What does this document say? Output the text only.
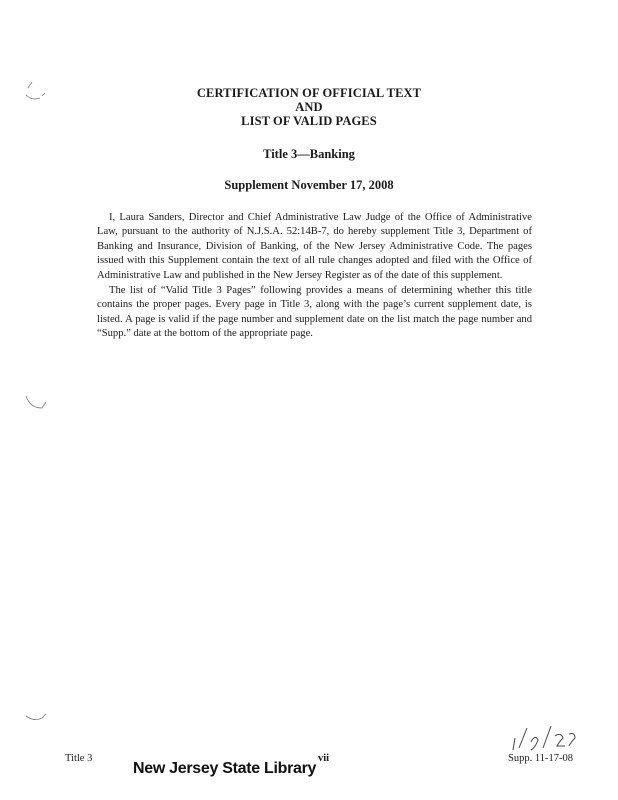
CERTIFICATION OF OFFICIAL TEXT
AND
LIST OF VALID PAGES
Title 3—Banking
Supplement November 17, 2008

I, Laura Sanders, Director and Chief Administrative Law Judge of the Office of Administrative Law, pursuant to the authority of N.J.S.A. 52:14B-7, do hereby supplement Title 3, Department of Banking and Insurance, Division of Banking, of the New Jersey Administrative Code. The pages issued with this Supplement contain the text of all rule changes adopted and filed with the Office of Administrative Law and published in the New Jersey Register as of the date of this supplement.

The list of “Valid Title 3 Pages” following provides a means of determining whether this title contains the proper pages. Every page in Title 3, along with the page’s current supplement date, is listed. A page is valid if the page number and supplement date on the list match the page number and “Supp.” date at the bottom of the appropriate page.

Title 3	vii	Supp. 11-17-08
New Jersey State Library
